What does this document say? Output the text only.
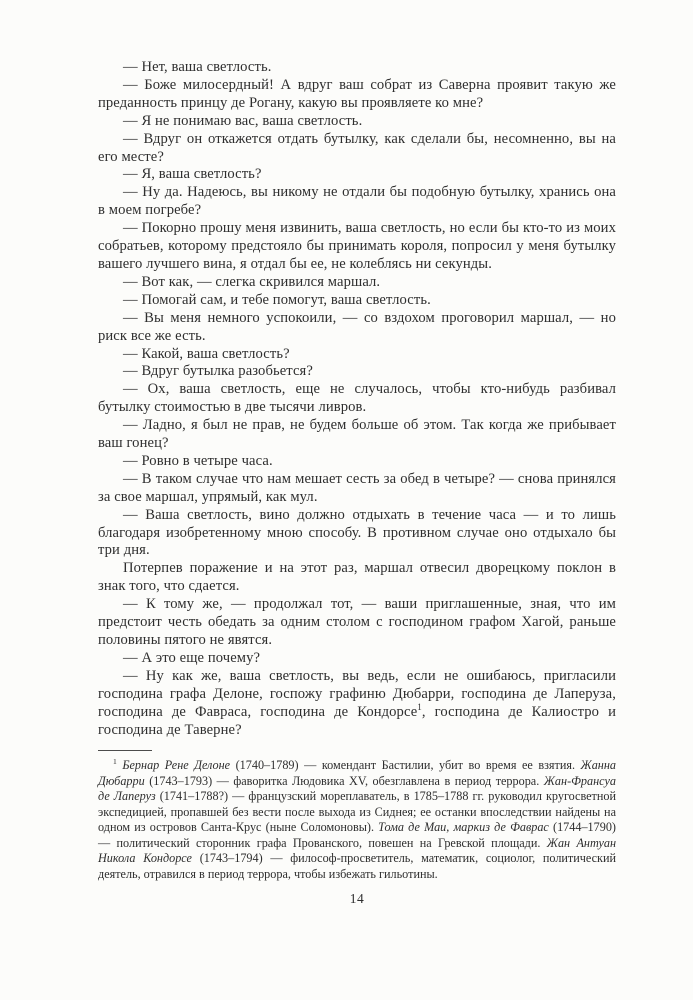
— Нет, ваша светлость.

— Боже милосердный! А вдруг ваш собрат из Саверна проявит такую же преданность принцу де Рогану, какую вы проявляете ко мне?

— Я не понимаю вас, ваша светлость.

— Вдруг он откажется отдать бутылку, как сделали бы, несомненно, вы на его месте?

— Я, ваша светлость?

— Ну да. Надеюсь, вы никому не отдали бы подобную бутылку, хранись она в моем погребе?

— Покорно прошу меня извинить, ваша светлость, но если бы кто-то из моих собратьев, которому предстояло бы принимать короля, попросил у меня бутылку вашего лучшего вина, я отдал бы ее, не колеблясь ни секунды.

— Вот как, — слегка скривился маршал.

— Помогай сам, и тебе помогут, ваша светлость.

— Вы меня немного успокоили, — со вздохом проговорил маршал, — но риск все же есть.

— Какой, ваша светлость?

— Вдруг бутылка разобьется?

— Ох, ваша светлость, еще не случалось, чтобы кто-нибудь разбивал бутылку стоимостью в две тысячи ливров.

— Ладно, я был не прав, не будем больше об этом. Так когда же прибывает ваш гонец?

— Ровно в четыре часа.

— В таком случае что нам мешает сесть за обед в четыре? — снова принялся за свое маршал, упрямый, как мул.

— Ваша светлость, вино должно отдыхать в течение часа — и то лишь благодаря изобретенному мною способу. В противном случае оно отдыхало бы три дня.

Потерпев поражение и на этот раз, маршал отвесил дворецкому поклон в знак того, что сдается.

— К тому же, — продолжал тот, — ваши приглашенные, зная, что им предстоит честь обедать за одним столом с господином графом Хагой, раньше половины пятого не явятся.

— А это еще почему?

— Ну как же, ваша светлость, вы ведь, если не ошибаюсь, пригласили господина графа Делоне, госпожу графиню Дюбарри, господина де Лаперуза, господина де Фавраса, господина де Кондорсе$^1$, господина де Калиостро и господина де Таверне?

$^1$ Бернар Рене Делоне (1740–1789) — комендант Бастилии, убит во время ее взятия. Жанна Дюбарри (1743–1793) — фаворитка Людовика XV, обезглавлена в период террора. Жан-Франсуа де Лаперуз (1741–1788?) — французский мореплаватель, в 1785–1788 гг. руководил кругосветной экспедицией, пропавшей без вести после выхода из Сиднея; ее останки впоследствии найдены на одном из островов Санта-Крус (ныне Соломоновы). Тома де Маи, маркиз де Фаврас (1744–1790) — политический сторонник графа Прованского, повешен на Гревской площади. Жан Антуан Никола Кондорсе (1743–1794) — философ-просветитель, математик, социолог, политический деятель, отравился в период террора, чтобы избежать гильотины.

14
